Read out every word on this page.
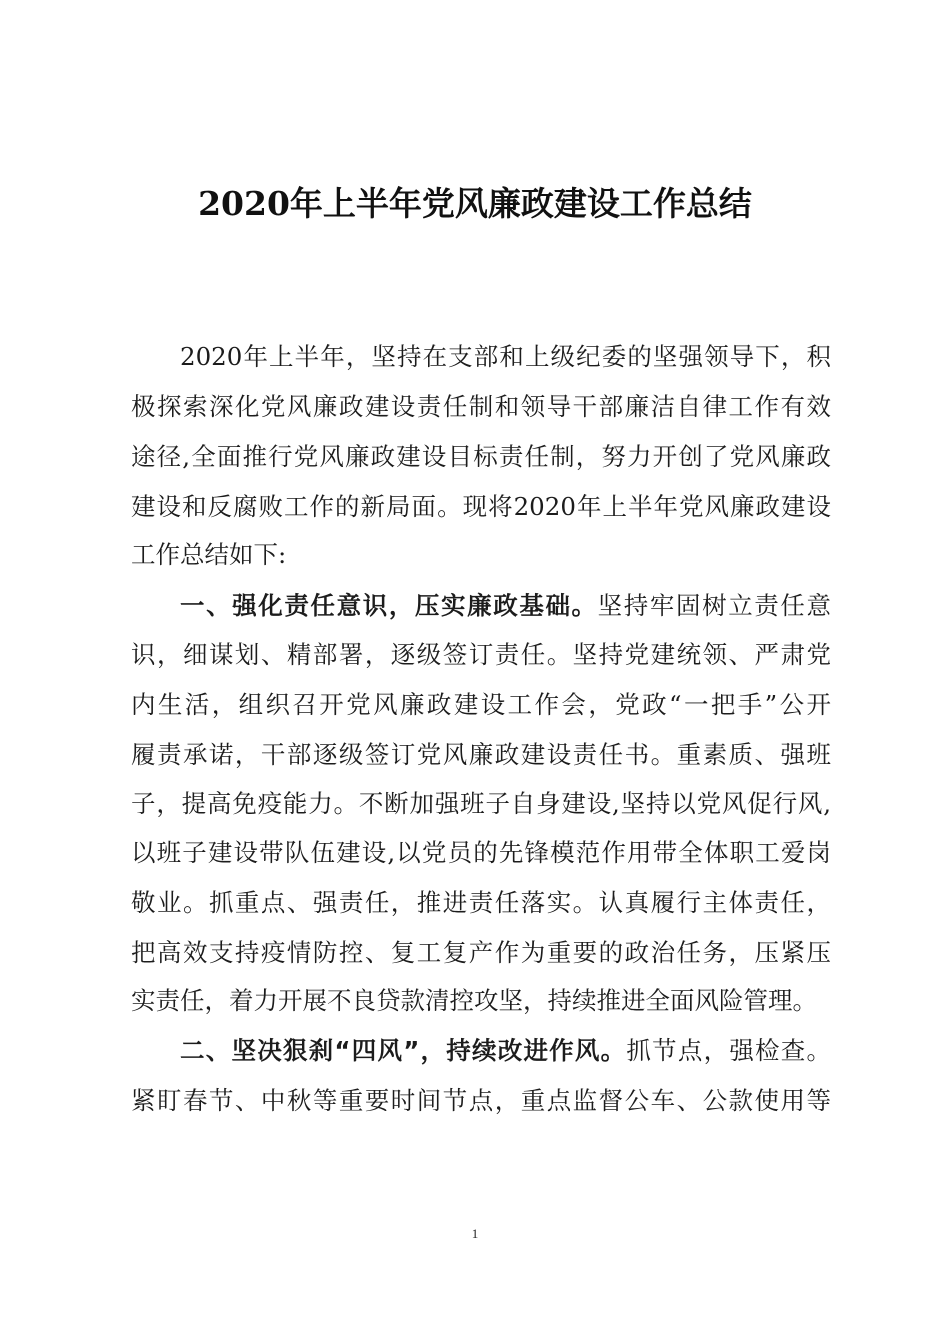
2020年上半年党风廉政建设工作总结
2020年上半年，坚持在支部和上级纪委的坚强领导下，积
极探索深化党风廉政建设责任制和领导干部廉洁自律工作有效
途径,全面推行党风廉政建设目标责任制，努力开创了党风廉政
建设和反腐败工作的新局面。现将2020年上半年党风廉政建设
工作总结如下:
一、强化责任意识，压实廉政基础。坚持牢固树立责任意
识，细谋划、精部署，逐级签订责任。坚持党建统领、严肃党
内生活，组织召开党风廉政建设工作会，党政“一把手”公开
履责承诺，干部逐级签订党风廉政建设责任书。重素质、强班
子，提高免疫能力。不断加强班子自身建设,坚持以党风促行风,
以班子建设带队伍建设,以党员的先锋模范作用带全体职工爱岗
敬业。抓重点、强责任，推进责任落实。认真履行主体责任，
把高效支持疫情防控、复工复产作为重要的政治任务，压紧压
实责任，着力开展不良贷款清控攻坚，持续推进全面风险管理。
二、坚决狠刹“四风”，持续改进作风。抓节点，强检查。
紧盯春节、中秋等重要时间节点，重点监督公车、公款使用等
1
